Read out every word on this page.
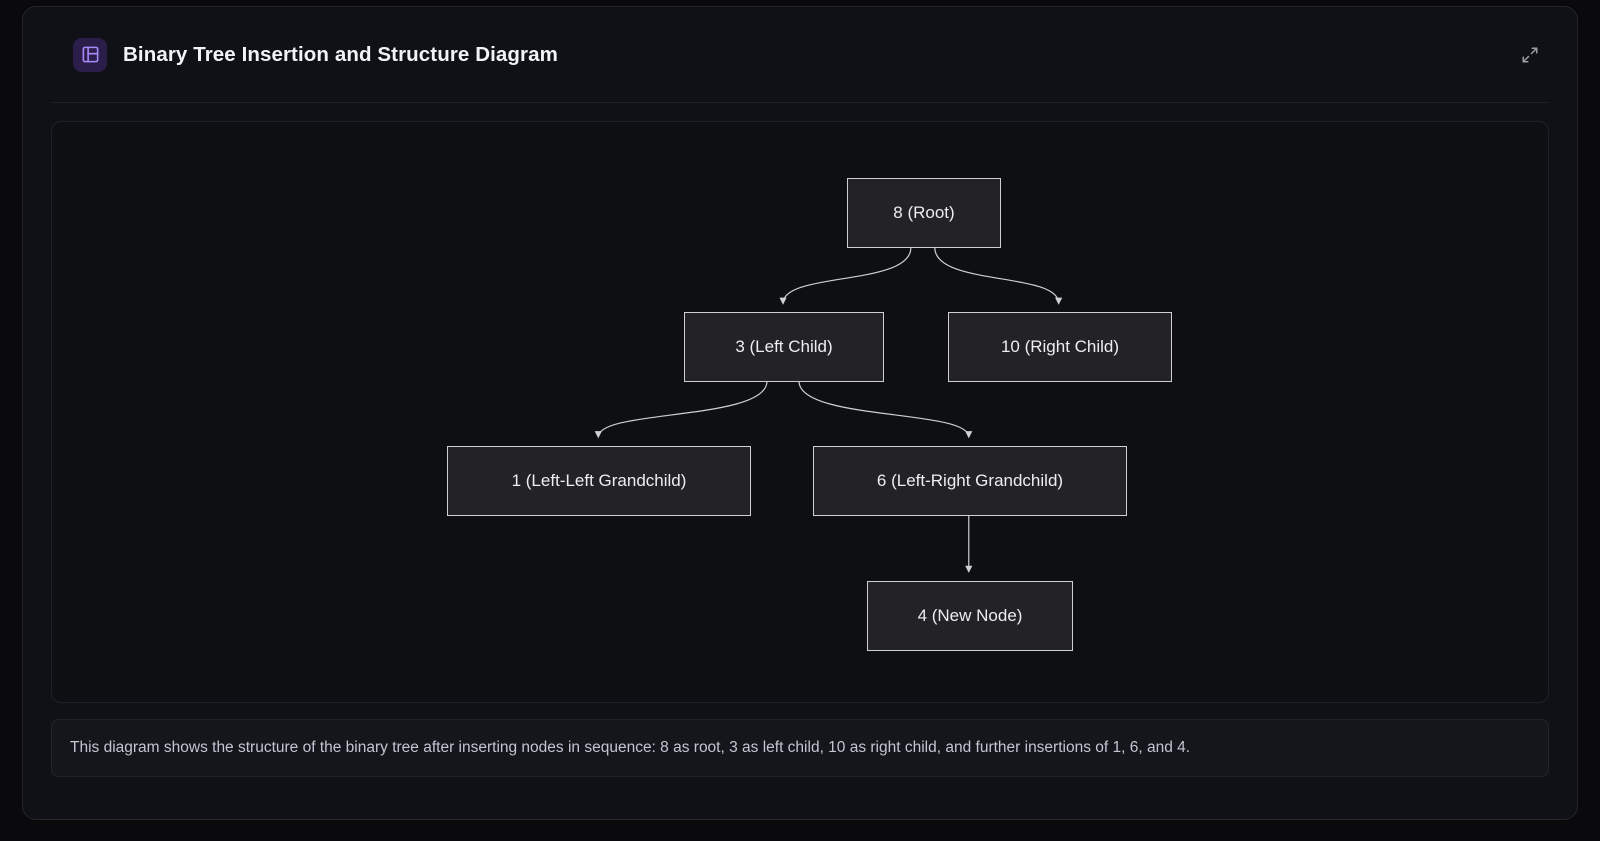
Binary Tree Insertion and Structure Diagram
8 (Root)
3 (Left Child)	10 (Right Child)
1 (Left-Left Grandchild)	6 (Left-Right Grandchild)
4 (New Node)
This diagram shows the structure of the binary tree after inserting nodes in sequence: 8 as root, 3 as left child, 10 as right child, and further insertions of 1, 6, and 4.
